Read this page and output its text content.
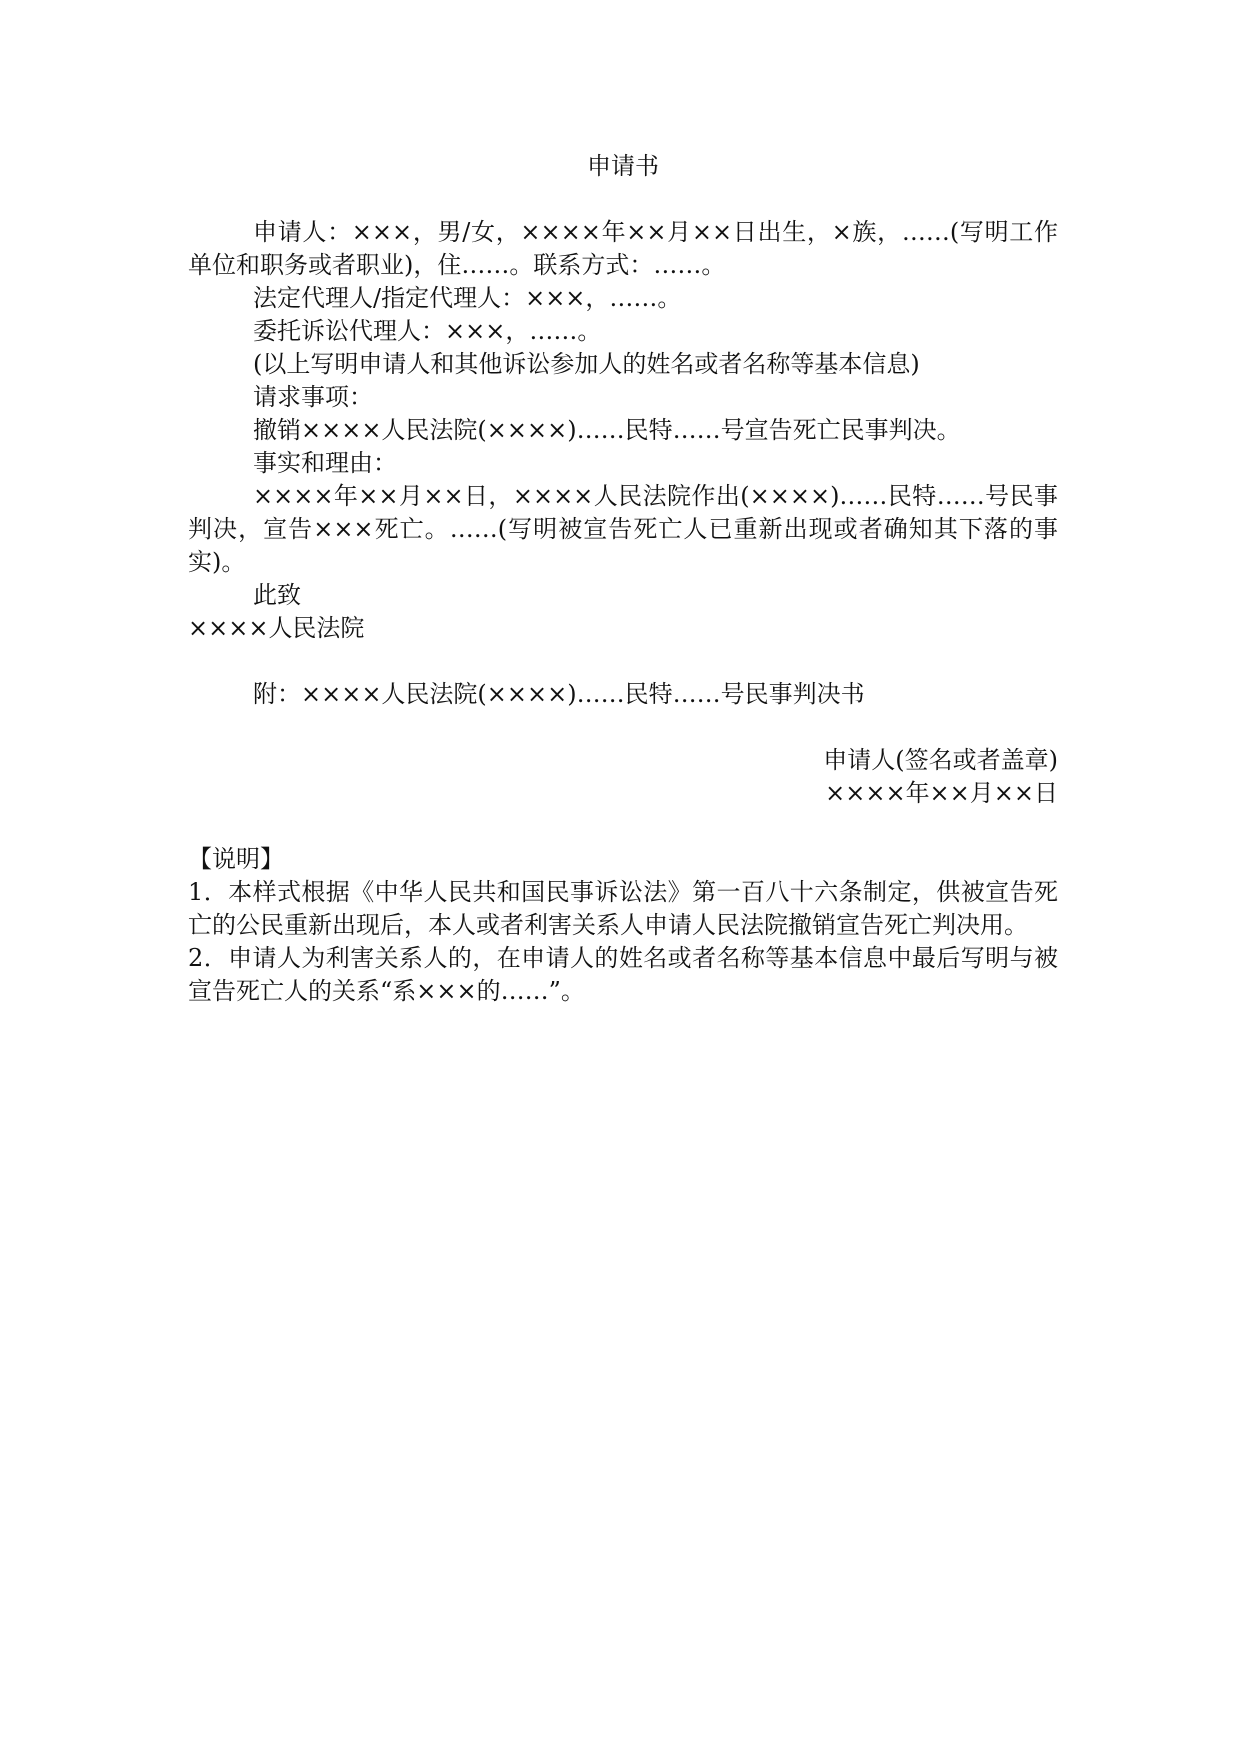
申请书

申请人：×××，男/女，××××年××月××日出生，×族，……(写明工作单位和职务或者职业)，住……。联系方式：……。

法定代理人/指定代理人：×××，……。

委托诉讼代理人：×××，……。

(以上写明申请人和其他诉讼参加人的姓名或者名称等基本信息)

请求事项：

撤销××××人民法院(××××)……民特……号宣告死亡民事判决。

事实和理由：

××××年××月××日，××××人民法院作出(××××)……民特……号民事判决，宣告×××死亡。……(写明被宣告死亡人已重新出现或者确知其下落的事实)。

此致

××××人民法院

附：××××人民法院(××××)……民特……号民事判决书

申请人(签名或者盖章)

××××年××月××日

【说明】

1．本样式根据《中华人民共和国民事诉讼法》第一百八十六条制定，供被宣告死亡的公民重新出现后，本人或者利害关系人申请人民法院撤销宣告死亡判决用。

2．申请人为利害关系人的，在申请人的姓名或者名称等基本信息中最后写明与被宣告死亡人的关系“系×××的……”。
